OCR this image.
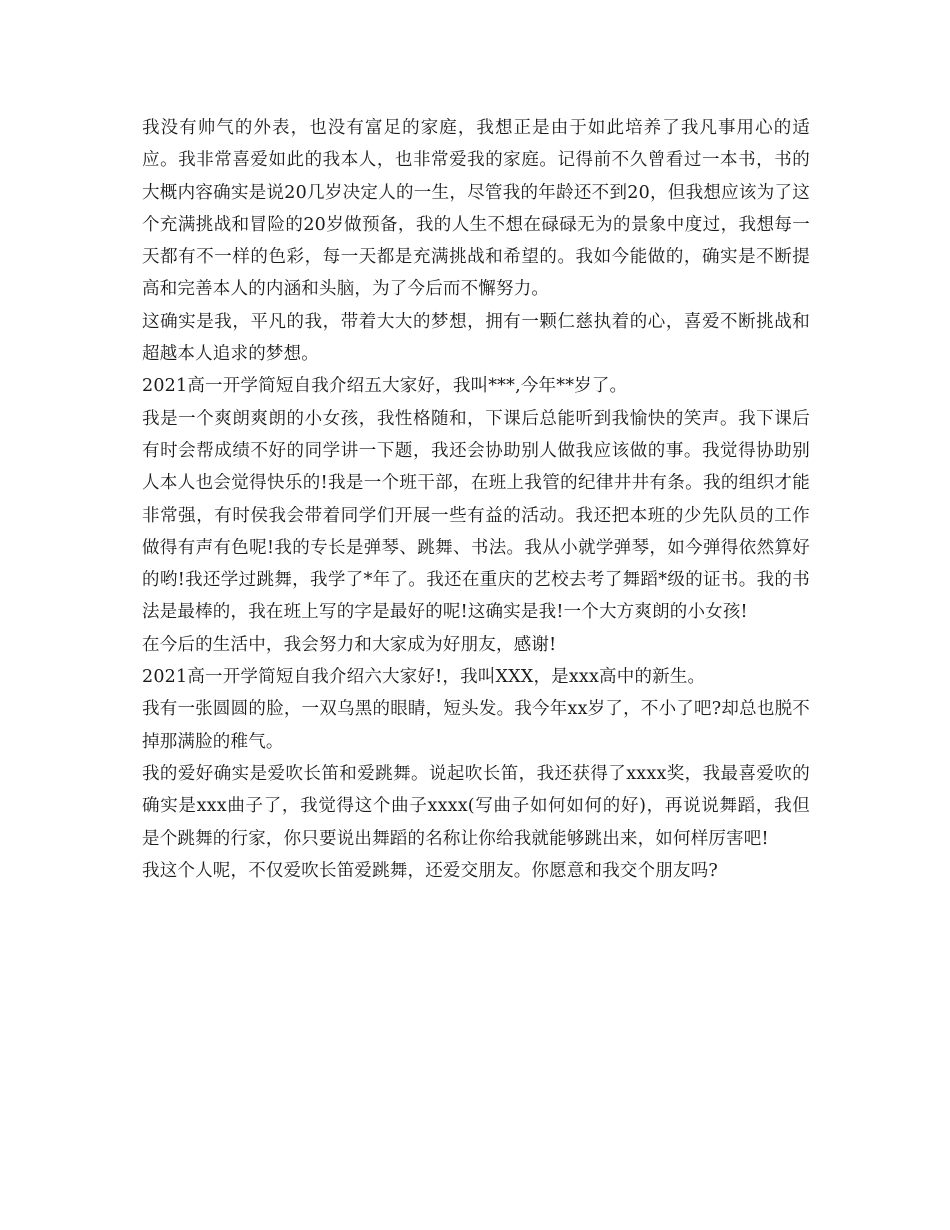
我没有帅气的外表，也没有富足的家庭，我想正是由于如此培养了我凡事用心的适应。我非常喜爱如此的我本人，也非常爱我的家庭。记得前不久曾看过一本书，书的大概内容确实是说20几岁决定人的一生，尽管我的年龄还不到20，但我想应该为了这个充满挑战和冒险的20岁做预备，我的人生不想在碌碌无为的景象中度过，我想每一天都有不一样的色彩，每一天都是充满挑战和希望的。我如今能做的，确实是不断提高和完善本人的内涵和头脑，为了今后而不懈努力。

这确实是我，平凡的我，带着大大的梦想，拥有一颗仁慈执着的心，喜爱不断挑战和超越本人追求的梦想。

2021高一开学简短自我介绍五大家好，我叫***,今年**岁了。

我是一个爽朗爽朗的小女孩，我性格随和，下课后总能听到我愉快的笑声。我下课后有时会帮成绩不好的同学讲一下题，我还会协助别人做我应该做的事。我觉得协助别人本人也会觉得快乐的!我是一个班干部，在班上我管的纪律井井有条。我的组织才能非常强，有时侯我会带着同学们开展一些有益的活动。我还把本班的少先队员的工作做得有声有色呢!我的专长是弹琴、跳舞、书法。我从小就学弹琴，如今弹得依然算好的哟!我还学过跳舞，我学了*年了。我还在重庆的艺校去考了舞蹈*级的证书。我的书法是最棒的，我在班上写的字是最好的呢!这确实是我!一个大方爽朗的小女孩!

在今后的生活中，我会努力和大家成为好朋友，感谢!

2021高一开学简短自我介绍六大家好!，我叫XXX，是xxx高中的新生。

我有一张圆圆的脸，一双乌黑的眼睛，短头发。我今年xx岁了，不小了吧?却总也脱不掉那满脸的稚气。

我的爱好确实是爱吹长笛和爱跳舞。说起吹长笛，我还获得了xxxx奖，我最喜爱吹的确实是xxx曲子了，我觉得这个曲子xxxx(写曲子如何如何的好)，再说说舞蹈，我但是个跳舞的行家，你只要说出舞蹈的名称让你给我就能够跳出来，如何样厉害吧!

我这个人呢，不仅爱吹长笛爱跳舞，还爱交朋友。你愿意和我交个朋友吗?
